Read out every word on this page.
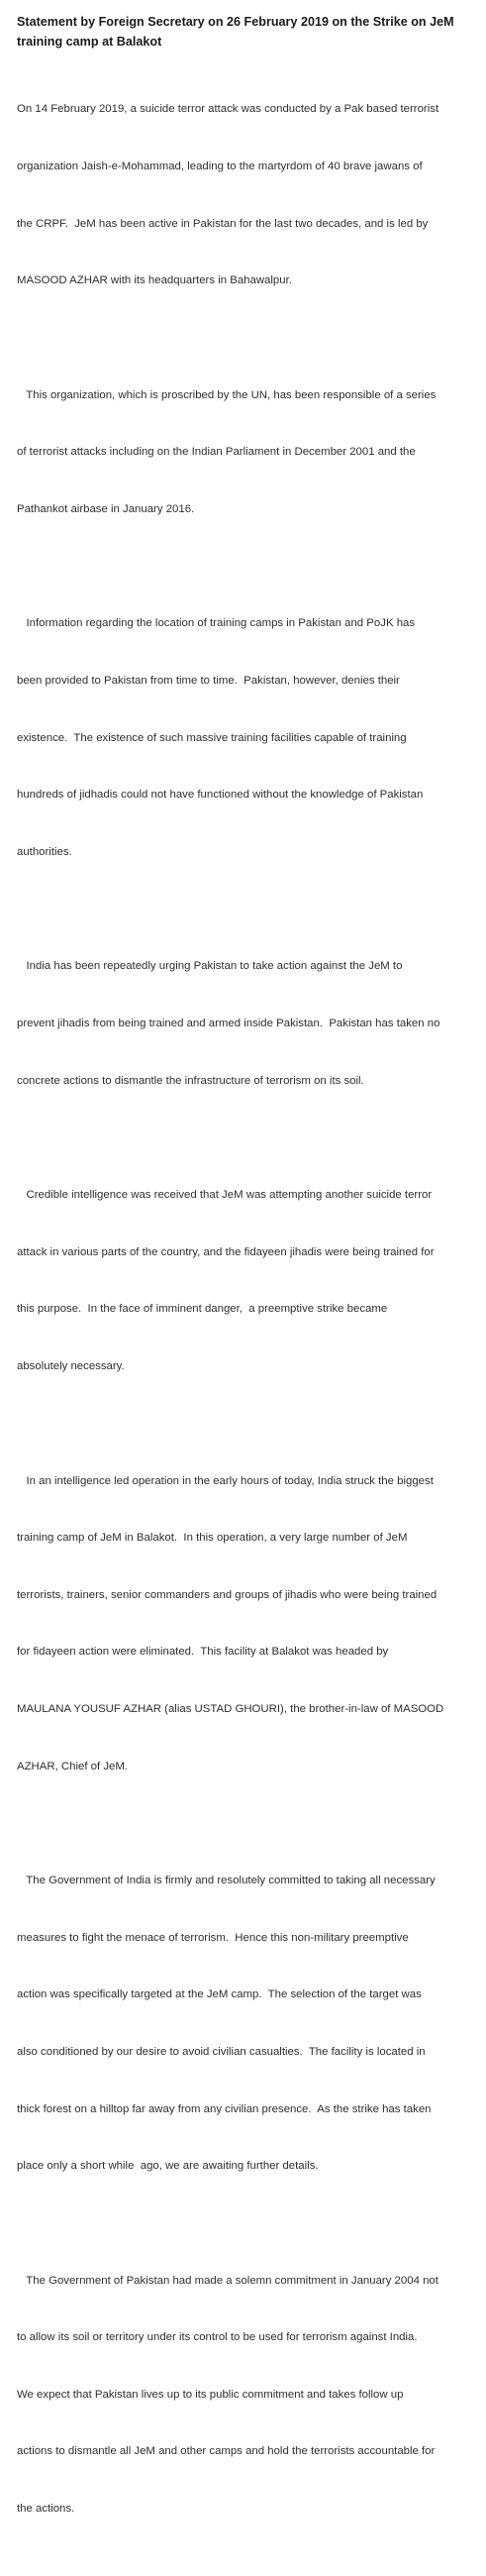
Statement by Foreign Secretary on 26 February 2019 on the Strike on JeM
training camp at Balakot

On 14 February 2019, a suicide terror attack was conducted by a Pak based terrorist

organization Jaish-e-Mohammad, leading to the martyrdom of 40 brave jawans of

the CRPF.  JeM has been active in Pakistan for the last two decades, and is led by

MASOOD AZHAR with its headquarters in Bahawalpur.

This organization, which is proscribed by the UN, has been responsible of a series

of terrorist attacks including on the Indian Parliament in December 2001 and the

Pathankot airbase in January 2016.

Information regarding the location of training camps in Pakistan and PoJK has

been provided to Pakistan from time to time.  Pakistan, however, denies their

existence.  The existence of such massive training facilities capable of training

hundreds of jidhadis could not have functioned without the knowledge of Pakistan

authorities.

India has been repeatedly urging Pakistan to take action against the JeM to

prevent jihadis from being trained and armed inside Pakistan.  Pakistan has taken no

concrete actions to dismantle the infrastructure of terrorism on its soil.

Credible intelligence was received that JeM was attempting another suicide terror

attack in various parts of the country, and the fidayeen jihadis were being trained for

this purpose.  In the face of imminent danger,  a preemptive strike became

absolutely necessary.

In an intelligence led operation in the early hours of today, India struck the biggest

training camp of JeM in Balakot.  In this operation, a very large number of JeM

terrorists, trainers, senior commanders and groups of jihadis who were being trained

for fidayeen action were eliminated.  This facility at Balakot was headed by

MAULANA YOUSUF AZHAR (alias USTAD GHOURI), the brother-in-law of MASOOD

AZHAR, Chief of JeM.

The Government of India is firmly and resolutely committed to taking all necessary

measures to fight the menace of terrorism.  Hence this non-military preemptive

action was specifically targeted at the JeM camp.  The selection of the target was

also conditioned by our desire to avoid civilian casualties.  The facility is located in

thick forest on a hilltop far away from any civilian presence.  As the strike has taken

place only a short while  ago, we are awaiting further details.

The Government of Pakistan had made a solemn commitment in January 2004 not

to allow its soil or territory under its control to be used for terrorism against India.

We expect that Pakistan lives up to its public commitment and takes follow up

actions to dismantle all JeM and other camps and hold the terrorists accountable for

the actions.
